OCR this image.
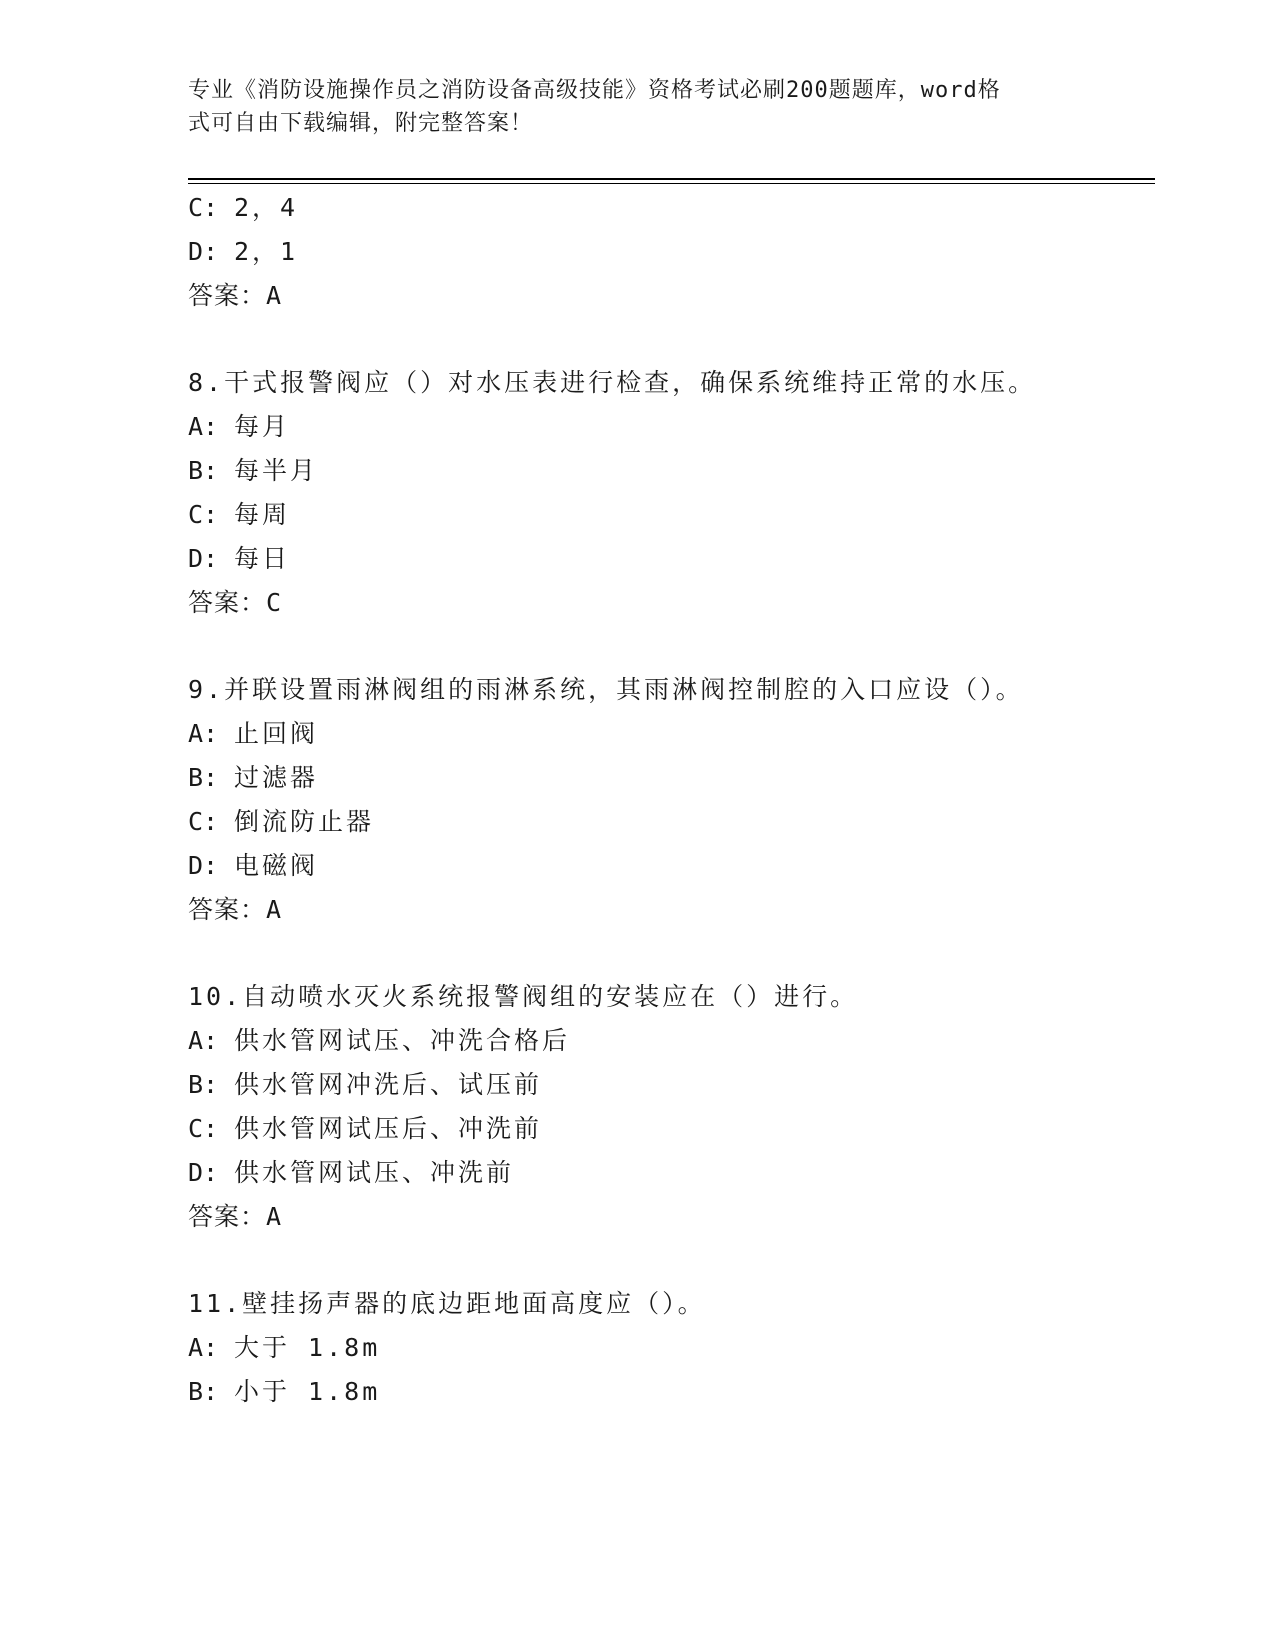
专业《消防设施操作员之消防设备高级技能》资格考试必刷200题题库，word格
式可自由下载编辑，附完整答案！
C: 2，4
D: 2，1
答案：A
8.干式报警阀应（）对水压表进行检查，确保系统维持正常的水压。
A: 每月
B: 每半月
C: 每周
D: 每日
答案：C
9.并联设置雨淋阀组的雨淋系统，其雨淋阀控制腔的入口应设（）。
A: 止回阀
B: 过滤器
C: 倒流防止器
D: 电磁阀
答案：A
10.自动喷水灭火系统报警阀组的安装应在（）进行。
A: 供水管网试压、冲洗合格后
B: 供水管网冲洗后、试压前
C: 供水管网试压后、冲洗前
D: 供水管网试压、冲洗前
答案：A
11.壁挂扬声器的底边距地面高度应（）。
A: 大于 1.8m
B: 小于 1.8m
